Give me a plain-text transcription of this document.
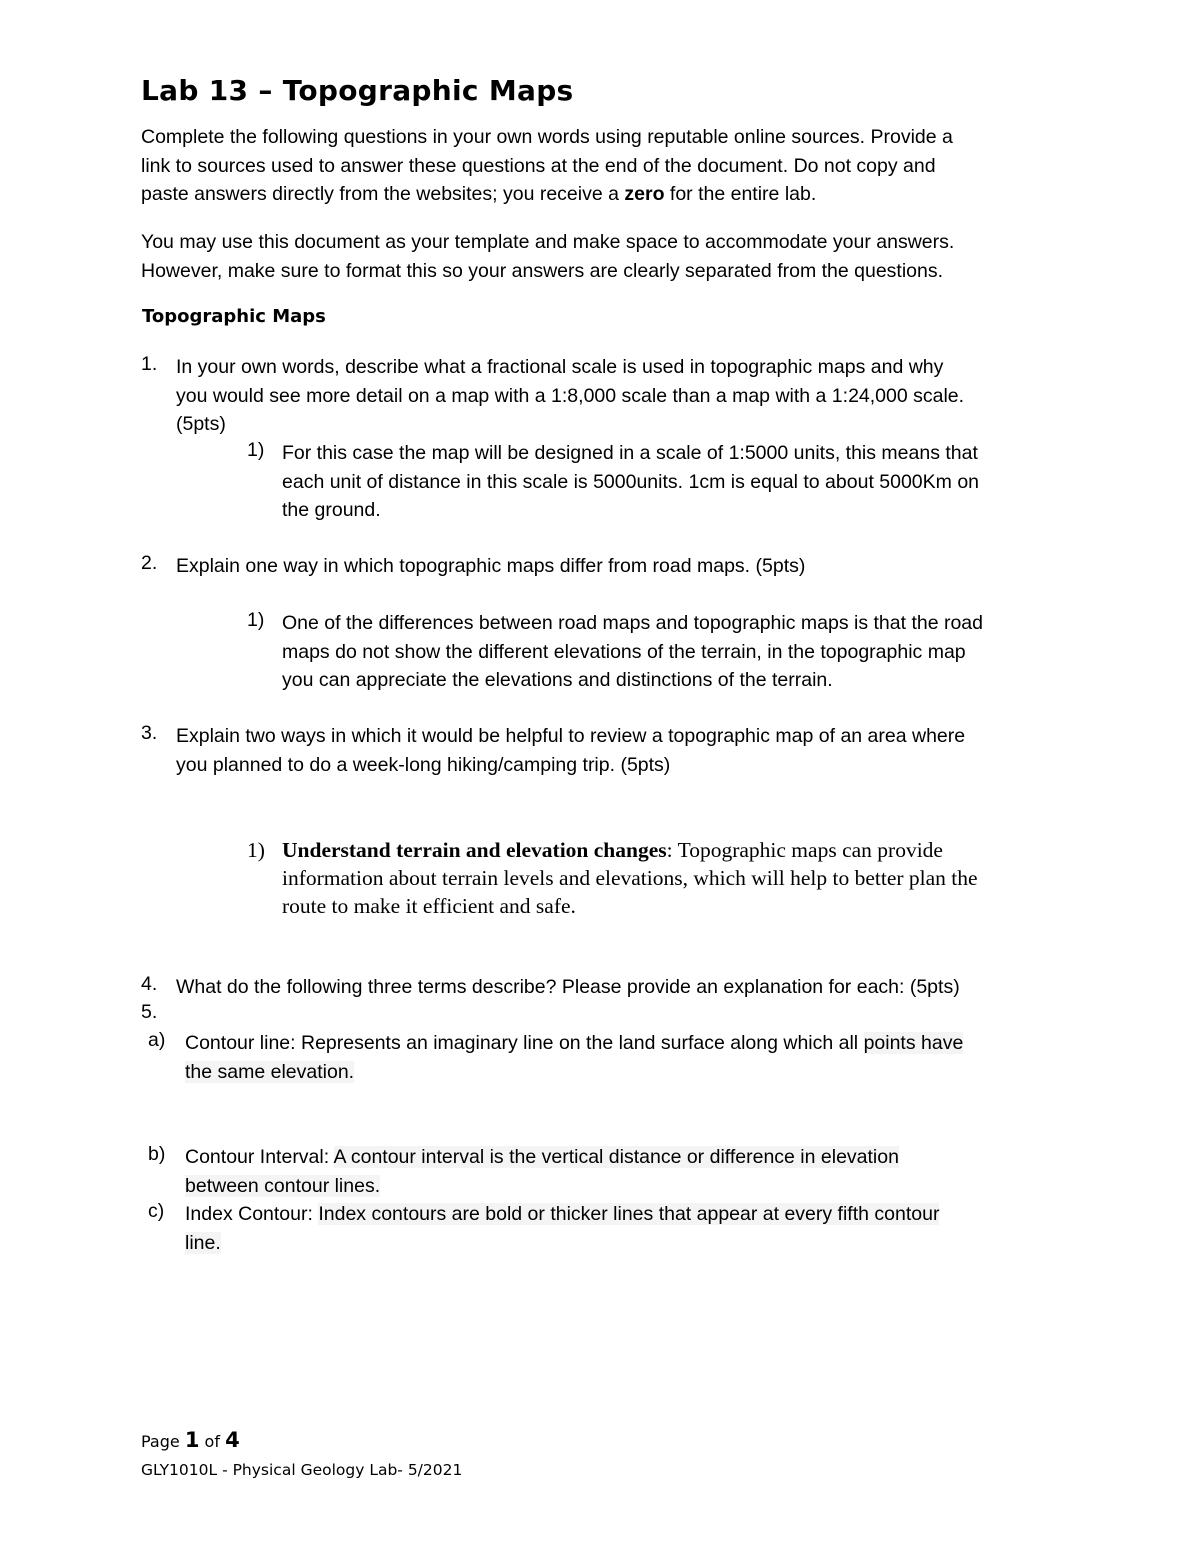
Lab 13 – Topographic Maps
Complete the following questions in your own words using reputable online sources. Provide a
link to sources used to answer these questions at the end of the document. Do not copy and
paste answers directly from the websites; you receive a zero for the entire lab.
You may use this document as your template and make space to accommodate your answers.
However, make sure to format this so your answers are clearly separated from the questions.
Topographic Maps
1. In your own words, describe what a fractional scale is used in topographic maps and why
you would see more detail on a map with a 1:8,000 scale than a map with a 1:24,000 scale.
(5pts)
1) For this case the map will be designed in a scale of 1:5000 units, this means that
each unit of distance in this scale is 5000units. 1cm is equal to about 5000Km on
the ground.
2. Explain one way in which topographic maps differ from road maps. (5pts)
1) One of the differences between road maps and topographic maps is that the road
maps do not show the different elevations of the terrain, in the topographic map
you can appreciate the elevations and distinctions of the terrain.
3. Explain two ways in which it would be helpful to review a topographic map of an area where
you planned to do a week-long hiking/camping trip. (5pts)
1) Understand terrain and elevation changes: Topographic maps can provide
information about terrain levels and elevations, which will help to better plan the
route to make it efficient and safe.
4. What do the following three terms describe? Please provide an explanation for each: (5pts)
5.
a) Contour line: Represents an imaginary line on the land surface along which all points have
the same elevation.
b) Contour Interval: A contour interval is the vertical distance or difference in elevation
between contour lines.
c) Index Contour: Index contours are bold or thicker lines that appear at every fifth contour
line.
Page 1 of 4
GLY1010L - Physical Geology Lab- 5/2021
